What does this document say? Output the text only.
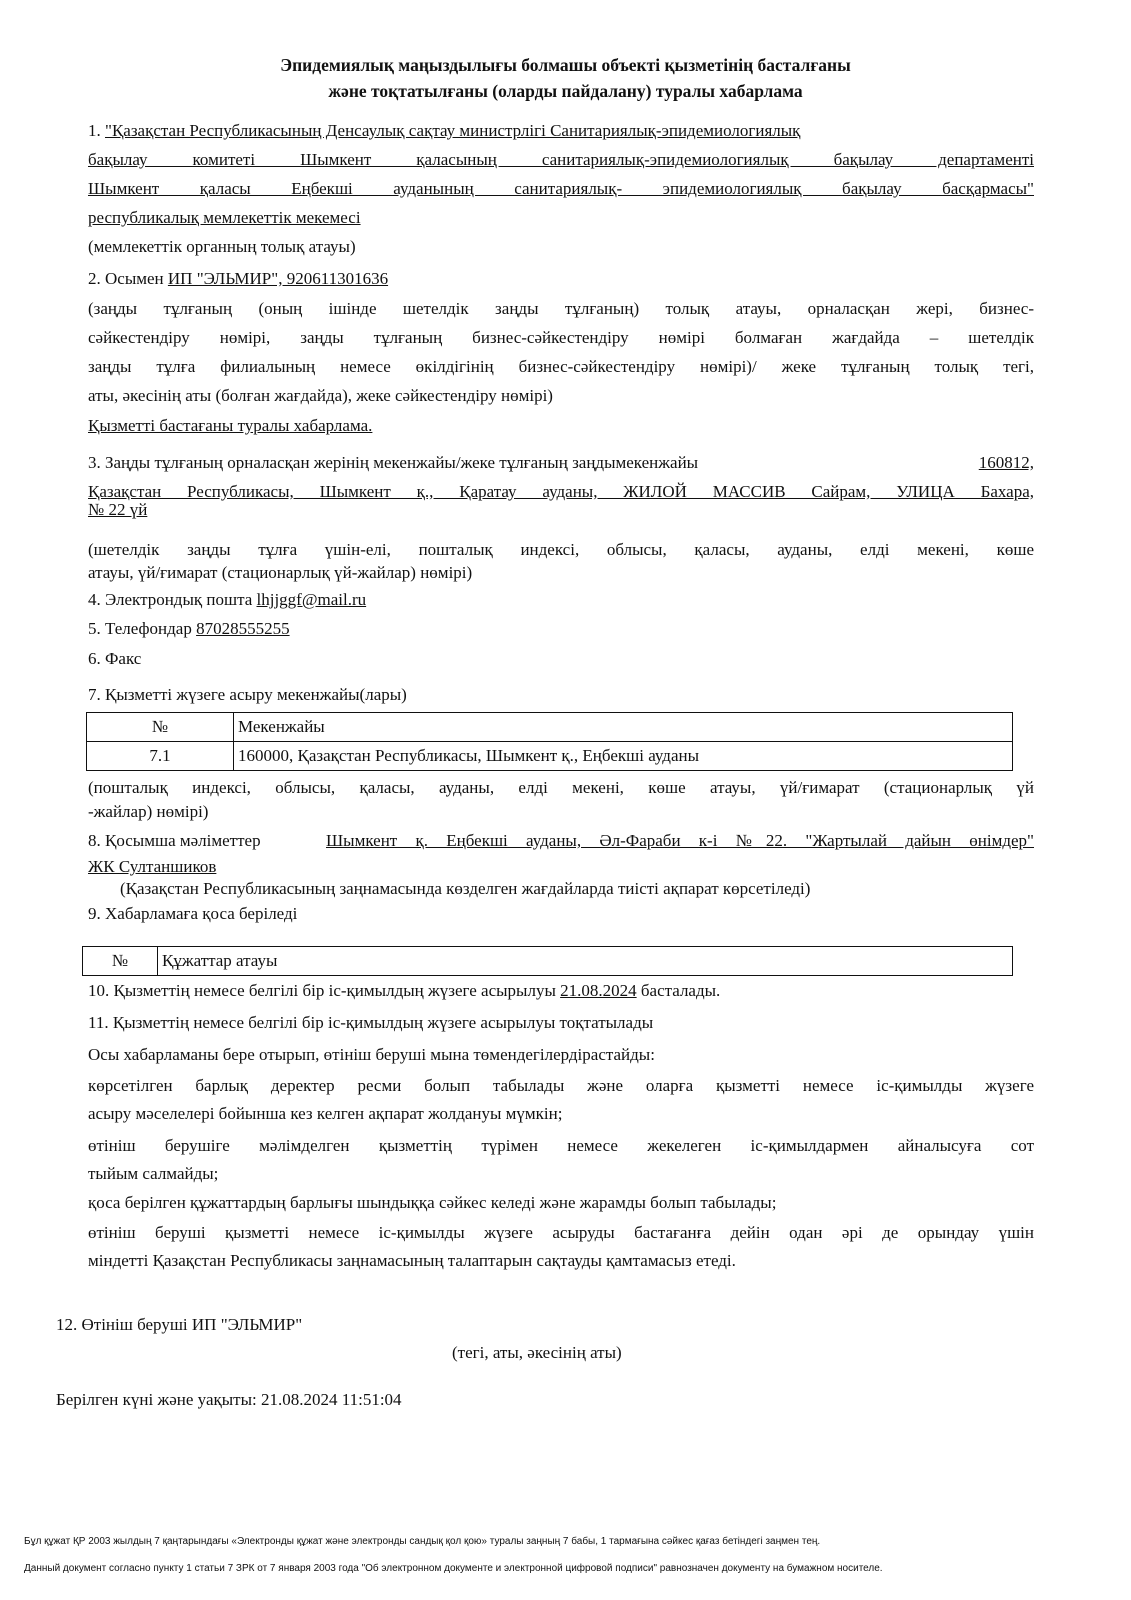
Эпидемиялық маңыздылығы болмашы объекті қызметінің басталғаны
және тоқтатылғаны (оларды пайдалану) туралы хабарлама
1. "Қазақстан Республикасының Денсаулық сақтау министрлігі Санитариялық-эпидемиологиялық
бақылау комитеті Шымкент қаласының санитариялық-эпидемиологиялық бақылау департаменті
Шымкент қаласы Еңбекші ауданының санитариялық- эпидемиологиялық бақылау басқармасы"
республикалық мемлекеттік мекемесі
(мемлекеттік органның толық атауы)
2. Осымен ИП "ЭЛЬМИР", 920611301636
(заңды тұлғаның (оның ішінде шетелдік заңды тұлғаның) толық атауы, орналасқан жері, бизнес-
сәйкестендіру нөмірі, заңды тұлғаның бизнес-сәйкестендіру нөмірі болмаған жағдайда – шетелдік
заңды тұлға филиалының немесе өкілдігінің бизнес-сәйкестендіру нөмірі)/ жеке тұлғаның толық тегі,
аты, әкесінің аты (болған жағдайда), жеке сәйкестендіру нөмірі)
Қызметті бастағаны туралы хабарлама.
3. Заңды тұлғаның орналасқан жерінің мекенжайы/жеке тұлғаның заңдымекенжайы	160812,
Қазақстан Республикасы, Шымкент қ., Қаратау ауданы, ЖИЛОЙ МАССИВ Сайрам, УЛИЦА Бахара,
№ 22 үй
(шетелдік заңды тұлға үшін-елі, пошталық индексі, облысы, қаласы, ауданы, елді мекені, көше
атауы, үй/ғимарат (стационарлық үй-жайлар) нөмірі)
4. Электрондық пошта lhjjggf@mail.ru
5. Телефондар 87028555255
6. Факс
7. Қызметті жүзеге асыру мекенжайы(лары)
№	Мекенжайы
7.1	160000, Қазақстан Республикасы, Шымкент қ., Еңбекші ауданы
(пошталық индексі, облысы, қаласы, ауданы, елді мекені, көше атауы, үй/ғимарат (стационарлық үй
-жайлар) нөмірі)
8. Қосымша мәліметтер	Шымкент қ. Еңбекші ауданы, Әл-Фараби к-і №22. "Жартылай дайын өнімдер"
ЖК Султаншиков
(Қазақстан Республикасының заңнамасында көзделген жағдайларда тиісті ақпарат көрсетіледі)
9. Хабарламаға қоса беріледі
№	Құжаттар атауы
10. Қызметтің немесе белгілі бір іс-қимылдың жүзеге асырылуы 21.08.2024 басталады.
11. Қызметтің немесе белгілі бір іс-қимылдың жүзеге асырылуы тоқтатылады
Осы хабарламаны бере отырып, өтініш беруші мына төмендегілердірастайды:
көрсетілген барлық деректер ресми болып табылады және оларға қызметті немесе іс-қимылды жүзеге
асыру мәселелері бойынша кез келген ақпарат жолдануы мүмкін;
өтініш берушіге мәлімделген қызметтің түрімен немесе жекелеген іс-қимылдармен айналысуға сот
тыйым салмайды;
қоса берілген құжаттардың барлығы шындыққа сәйкес келеді және жарамды болып табылады;
өтініш беруші қызметті немесе іс-қимылды жүзеге асыруды бастағанға дейін одан әрі де орындау үшін
міндетті Қазақстан Республикасы заңнамасының талаптарын сақтауды қамтамасыз етеді.
12. Өтініш беруші ИП "ЭЛЬМИР"
(тегі, аты, әкесінің аты)
Берілген күні және уақыты: 21.08.2024 11:51:04
Бұл құжат ҚР 2003 жылдың 7 қаңтарындағы «Электронды құжат және электронды сандық қол қою» туралы заңның 7 бабы, 1 тармағына сәйкес қағаз бетіндегі заңмен тең.
Данный документ согласно пункту 1 статьи 7 ЗРК от 7 января 2003 года "Об электронном документе и электронной цифровой подписи" равнозначен документу на бумажном носителе.
